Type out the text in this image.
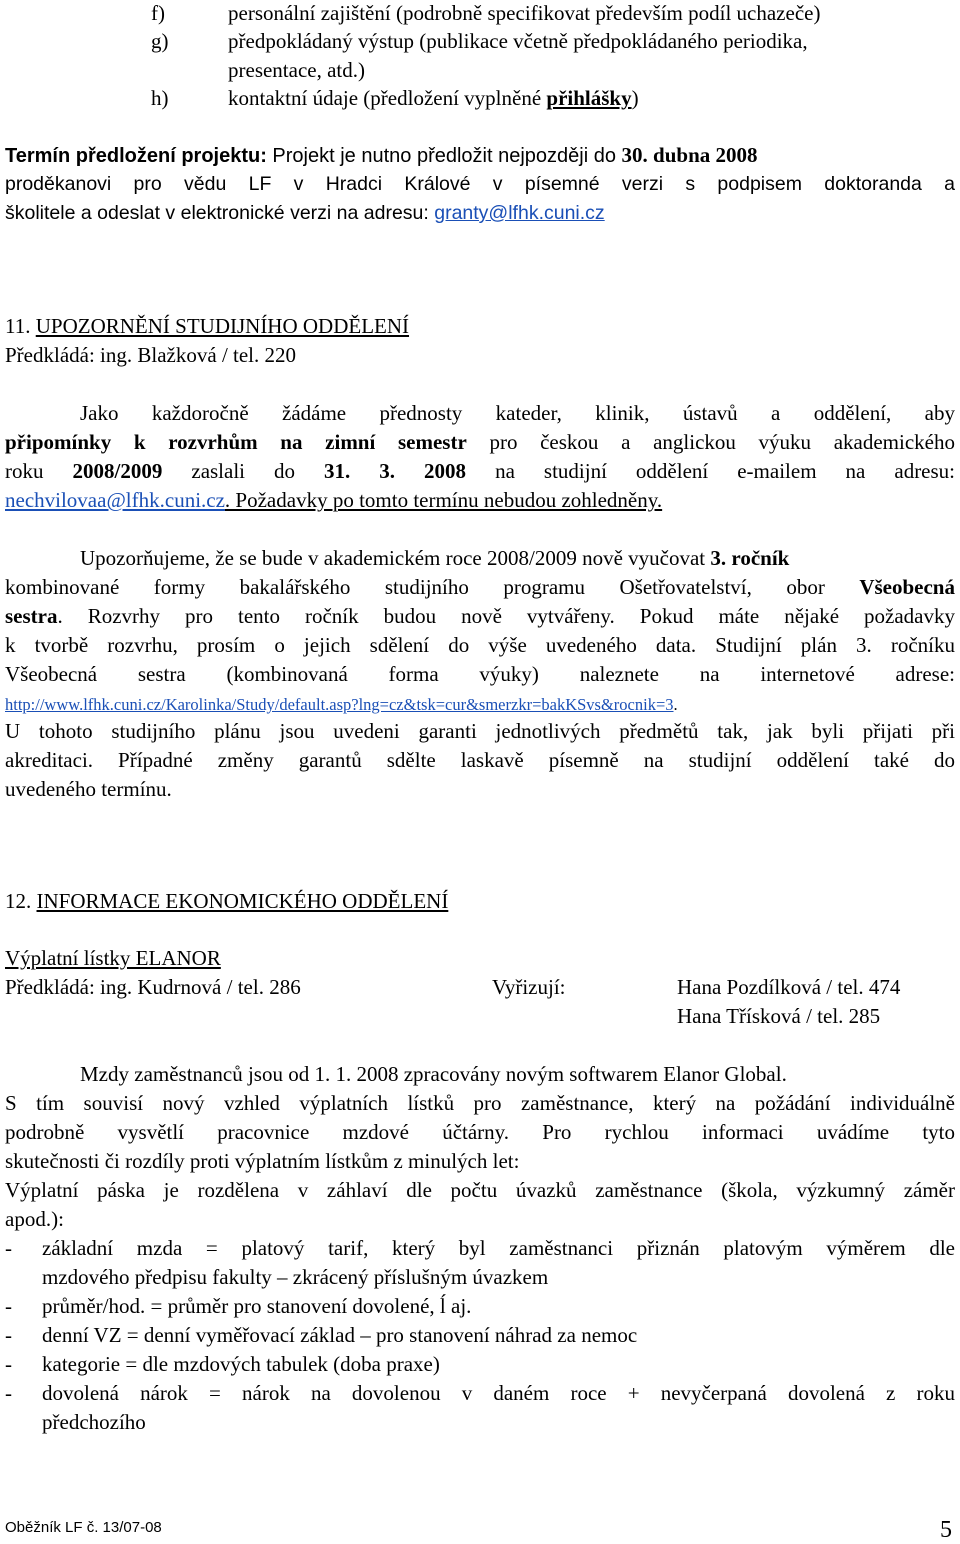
f)	personální zajištění (podrobně specifikovat především podíl uchazeče)
g)	předpokládaný výstup (publikace včetně předpokládaného periodika,
presentace, atd.)
h)	kontaktní údaje (předložení vyplněné přihlášky)
Termín předložení projektu: Projekt je nutno předložit nejpozději do 30. dubna 2008
proděkanovi pro vědu LF v Hradci Králové v písemné verzi s podpisem doktoranda a
školitele a odeslat v elektronické verzi na adresu: granty@lfhk.cuni.cz
11. UPOZORNĚNÍ STUDIJNÍHO ODDĚLENÍ
Předkládá: ing. Blažková / tel. 220
Jako každoročně žádáme přednosty kateder, klinik, ústavů a oddělení, aby
připomínky k rozvrhům na zimní semestr pro českou a anglickou výuku akademického
roku 2008/2009 zaslali do 31. 3. 2008 na studijní oddělení e-mailem na adresu:
nechvilovaa@lfhk.cuni.cz. Požadavky po tomto termínu nebudou zohledněny.
Upozorňujeme, že se bude v akademickém roce 2008/2009 nově vyučovat 3. ročník
kombinované formy bakalářského studijního programu Ošetřovatelství, obor Všeobecná
sestra. Rozvrhy pro tento ročník budou nově vytvářeny. Pokud máte nějaké požadavky
k tvorbě rozvrhu, prosím o jejich sdělení do výše uvedeného data. Studijní plán 3. ročníku
Všeobecná sestra (kombinovaná forma výuky) naleznete na internetové adrese:
http://www.lfhk.cuni.cz/Karolinka/Study/default.asp?lng=cz&tsk=cur&smerzkr=bakKSvs&rocnik=3.
U tohoto studijního plánu jsou uvedeni garanti jednotlivých předmětů tak, jak byli přijati při
akreditaci. Případné změny garantů sdělte laskavě písemně na studijní oddělení také do
uvedeného termínu.
12. INFORMACE EKONOMICKÉHO ODDĚLENÍ
Výplatní lístky ELANOR
Předkládá: ing. Kudrnová / tel. 286	Vyřizují:	Hana Pozdílková / tel. 474
Hana Třísková / tel. 285
Mzdy zaměstnanců jsou od 1. 1. 2008 zpracovány novým softwarem Elanor Global.
S tím souvisí nový vzhled výplatních lístků pro zaměstnance, který na požádání individuálně
podrobně vysvětlí pracovnice mzdové účtárny. Pro rychlou informaci uvádíme tyto
skutečnosti či rozdíly proti výplatním lístkům z minulých let:
Výplatní páska je rozdělena v záhlaví dle počtu úvazků zaměstnance (škola, výzkumný záměr
apod.):
- základní mzda = platový tarif, který byl zaměstnanci přiznán platovým výměrem dle
mzdového předpisu fakulty – zkrácený příslušným úvazkem
- průměr/hod. = průměr pro stanovení dovolené, ĺ aj.
- denní VZ = denní vyměřovací základ – pro stanovení náhrad za nemoc
- kategorie = dle mzdových tabulek (doba praxe)
- dovolená nárok = nárok na dovolenou v daném roce + nevyčerpaná dovolená z roku
předchozího
Oběžník LF č. 13/07-08	5
